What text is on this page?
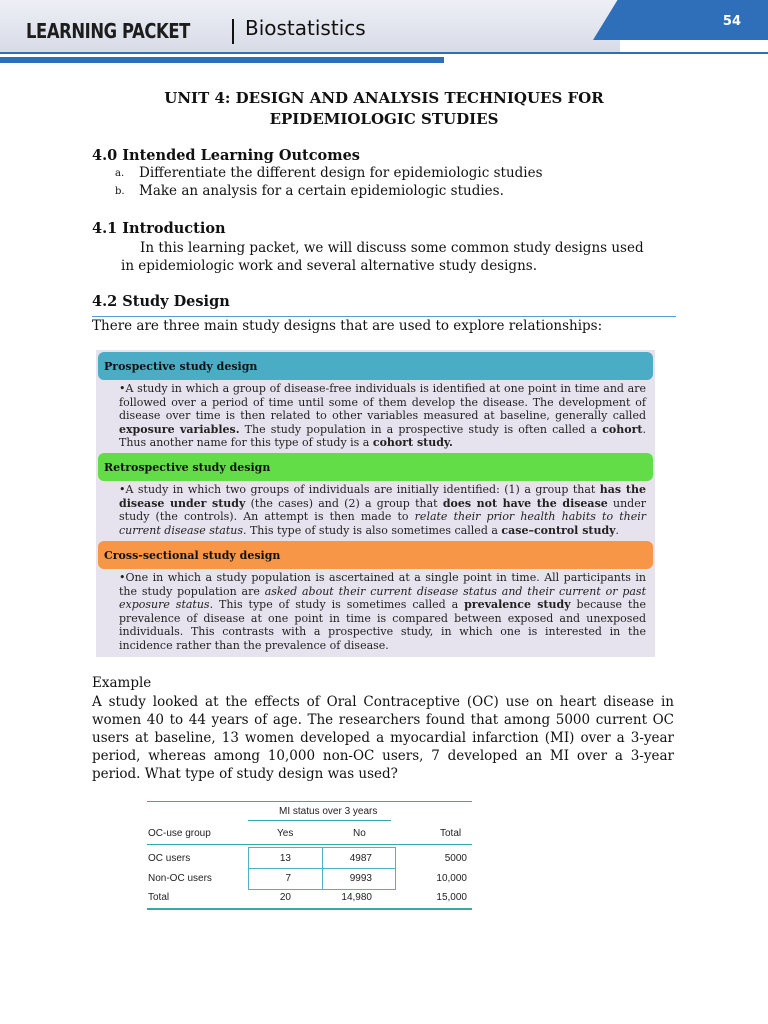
LEARNING PACKET	Biostatistics	54
UNIT 4: DESIGN AND ANALYSIS TECHNIQUES FOR EPIDEMIOLOGIC STUDIES
4.0 Intended Learning Outcomes
a. Differentiate the different design for epidemiologic studies
b. Make an analysis for a certain epidemiologic studies.
4.1 Introduction
In this learning packet, we will discuss some common study designs used
in epidemiologic work and several alternative study designs.
4.2 Study Design
There are three main study designs that are used to explore relationships:
Prospective study design
•A study in which a group of disease-free individuals is identified at one point in time and are followed over a period of time until some of them develop the disease. The development of disease over time is then related to other variables measured at baseline, generally called exposure variables. The study population in a prospective study is often called a cohort. Thus another name for this type of study is a cohort study.
Retrospective study design
•A study in which two groups of individuals are initially identified: (1) a group that has the disease under study (the cases) and (2) a group that does not have the disease under study (the controls). An attempt is then made to relate their prior health habits to their current disease status. This type of study is also sometimes called a case–control study.
Cross-sectional study design
•One in which a study population is ascertained at a single point in time. All participants in the study population are asked about their current disease status and their current or past exposure status. This type of study is sometimes called a prevalence study because the prevalence of disease at one point in time is compared between exposed and unexposed individuals. This contrasts with a prospective study, in which one is interested in the incidence rather than the prevalence of disease.
Example
A study looked at the effects of Oral Contraceptive (OC) use on heart disease in women 40 to 44 years of age. The researchers found that among 5000 current OC users at baseline, 13 women developed a myocardial infarction (MI) over a 3-year period, whereas among 10,000 non-OC users, 7 developed an MI over a 3-year period. What type of study design was used?
MI status over 3 years
OC-use group	Yes	No	Total
OC users	13	4987	5000
Non-OC users	7	9993	10,000
Total	20	14,980	15,000
